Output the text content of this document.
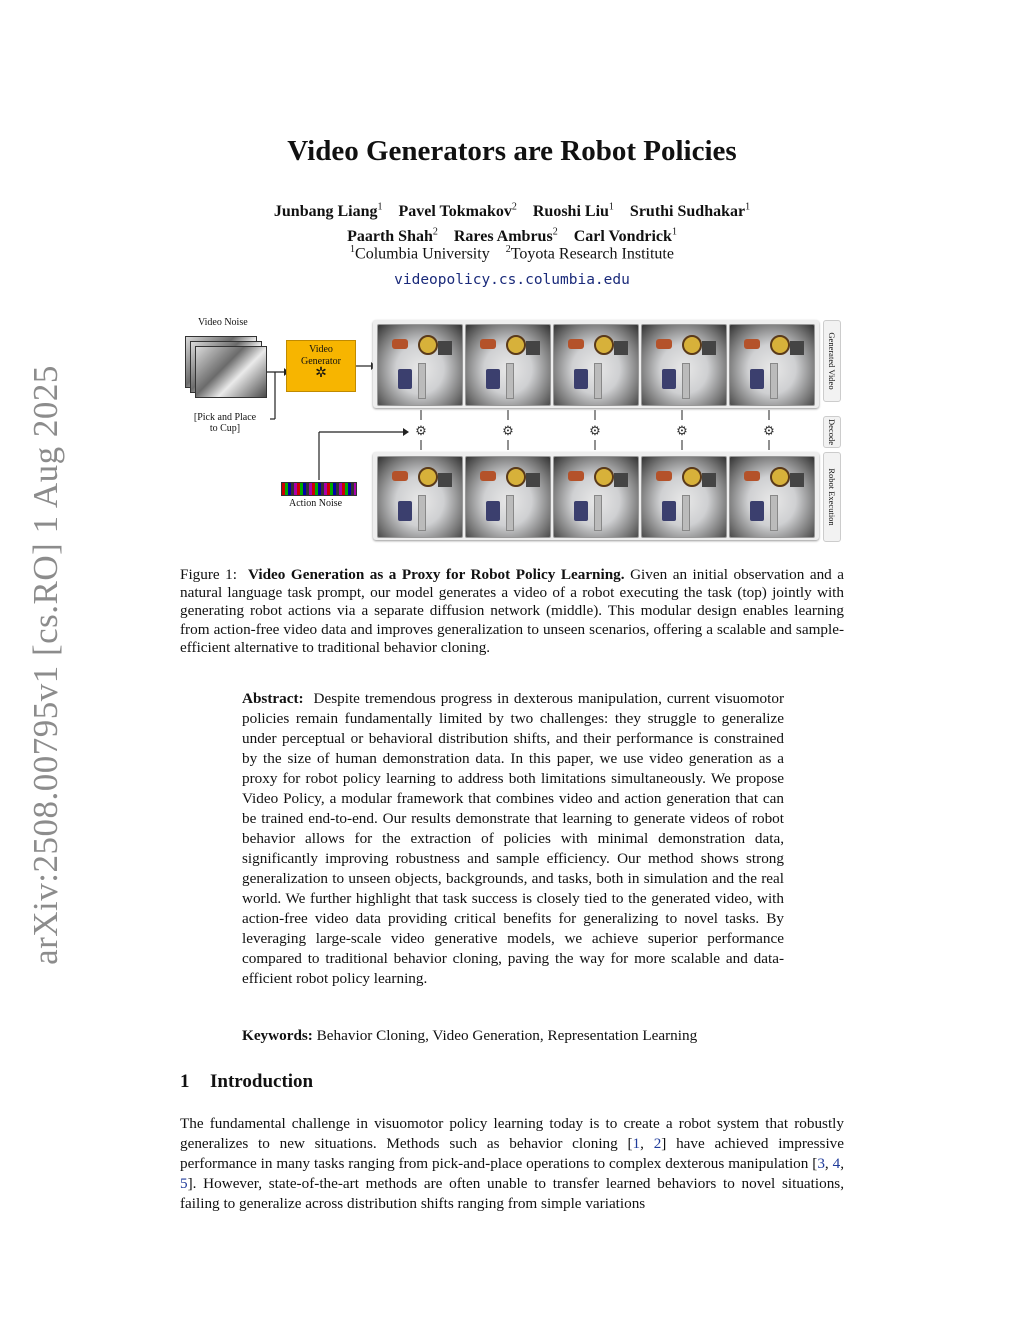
arXiv:2508.00795v1 [cs.RO] 1 Aug 2025
Video Generators are Robot Policies
Junbang Liang$^1$ Pavel Tokmakov$^2$ Ruoshi Liu$^1$ Sruthi Sudhakar$^1$
Paarth Shah$^2$ Rares Ambrus$^2$ Carl Vondrick$^1$
$^1$Columbia University $^2$Toyota Research Institute
videopolicy.cs.columbia.edu
Video Noise
Video
Generator
✲
[Pick and Place
to Cup]
Generated Video
⚙	⚙	⚙	⚙	⚙	Decode
Robot Execution
Action Noise
Figure 1: Video Generation as a Proxy for Robot Policy Learning. Given an initial observation and a natural language task prompt, our model generates a video of a robot executing the task (top) jointly with generating robot actions via a separate diffusion network (middle). This modular design enables learning from action-free video data and improves generalization to unseen scenarios, offering a scalable and sample-efficient alternative to traditional behavior cloning.
Abstract: Despite tremendous progress in dexterous manipulation, current visuomotor policies remain fundamentally limited by two challenges: they struggle to generalize under perceptual or behavioral distribution shifts, and their performance is constrained by the size of human demonstration data. In this paper, we use video generation as a proxy for robot policy learning to address both limitations simultaneously. We propose Video Policy, a modular framework that combines video and action generation that can be trained end-to-end. Our results demonstrate that learning to generate videos of robot behavior allows for the extraction of policies with minimal demonstration data, significantly improving robustness and sample efficiency. Our method shows strong generalization to unseen objects, backgrounds, and tasks, both in simulation and the real world. We further highlight that task success is closely tied to the generated video, with action-free video data providing critical benefits for generalizing to novel tasks. By leveraging large-scale video generative models, we achieve superior performance compared to traditional behavior cloning, paving the way for more scalable and data-efficient robot policy learning.
Keywords: Behavior Cloning, Video Generation, Representation Learning
1 Introduction
The fundamental challenge in visuomotor policy learning today is to create a robot system that robustly generalizes to new situations. Methods such as behavior cloning [1, 2] have achieved impressive performance in many tasks ranging from pick-and-place operations to complex dexterous manipulation [3, 4, 5]. However, state-of-the-art methods are often unable to transfer learned behaviors to novel situations, failing to generalize across distribution shifts ranging from simple variations
